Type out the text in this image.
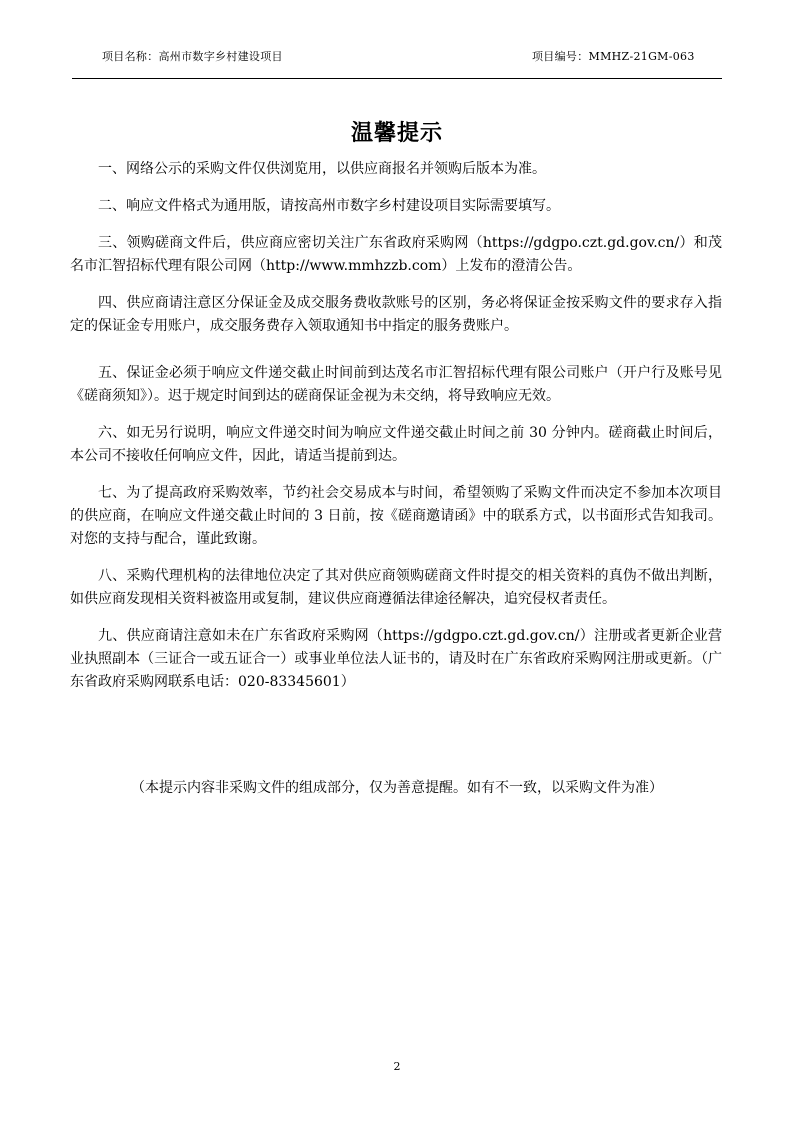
项目名称：高州市数字乡村建设项目	项目编号：MMHZ-21GM-063
温馨提示

一、网络公示的采购文件仅供浏览用，以供应商报名并领购后版本为准。

二、响应文件格式为通用版，请按高州市数字乡村建设项目实际需要填写。

三、领购磋商文件后，供应商应密切关注广东省政府采购网（https://gdgpo.czt.gd.gov.cn/）和茂名市汇智招标代理有限公司网（http://www.mmhzzb.com）上发布的澄清公告。

四、供应商请注意区分保证金及成交服务费收款账号的区别，务必将保证金按采购文件的要求存入指定的保证金专用账户，成交服务费存入领取通知书中指定的服务费账户。

五、保证金必须于响应文件递交截止时间前到达茂名市汇智招标代理有限公司账户（开户行及账号见《磋商须知》）。迟于规定时间到达的磋商保证金视为未交纳，将导致响应无效。

六、如无另行说明，响应文件递交时间为响应文件递交截止时间之前 30 分钟内。磋商截止时间后，本公司不接收任何响应文件，因此，请适当提前到达。

七、为了提高政府采购效率，节约社会交易成本与时间，希望领购了采购文件而决定不参加本次项目的供应商，在响应文件递交截止时间的 3 日前，按《磋商邀请函》中的联系方式，以书面形式告知我司。对您的支持与配合，谨此致谢。

八、采购代理机构的法律地位决定了其对供应商领购磋商文件时提交的相关资料的真伪不做出判断，如供应商发现相关资料被盗用或复制，建议供应商遵循法律途径解决，追究侵权者责任。

九、供应商请注意如未在广东省政府采购网（https://gdgpo.czt.gd.gov.cn/）注册或者更新企业营业执照副本（三证合一或五证合一）或事业单位法人证书的，请及时在广东省政府采购网注册或更新。（广东省政府采购网联系电话：020-83345601）

（本提示内容非采购文件的组成部分，仅为善意提醒。如有不一致，以采购文件为准）
2
